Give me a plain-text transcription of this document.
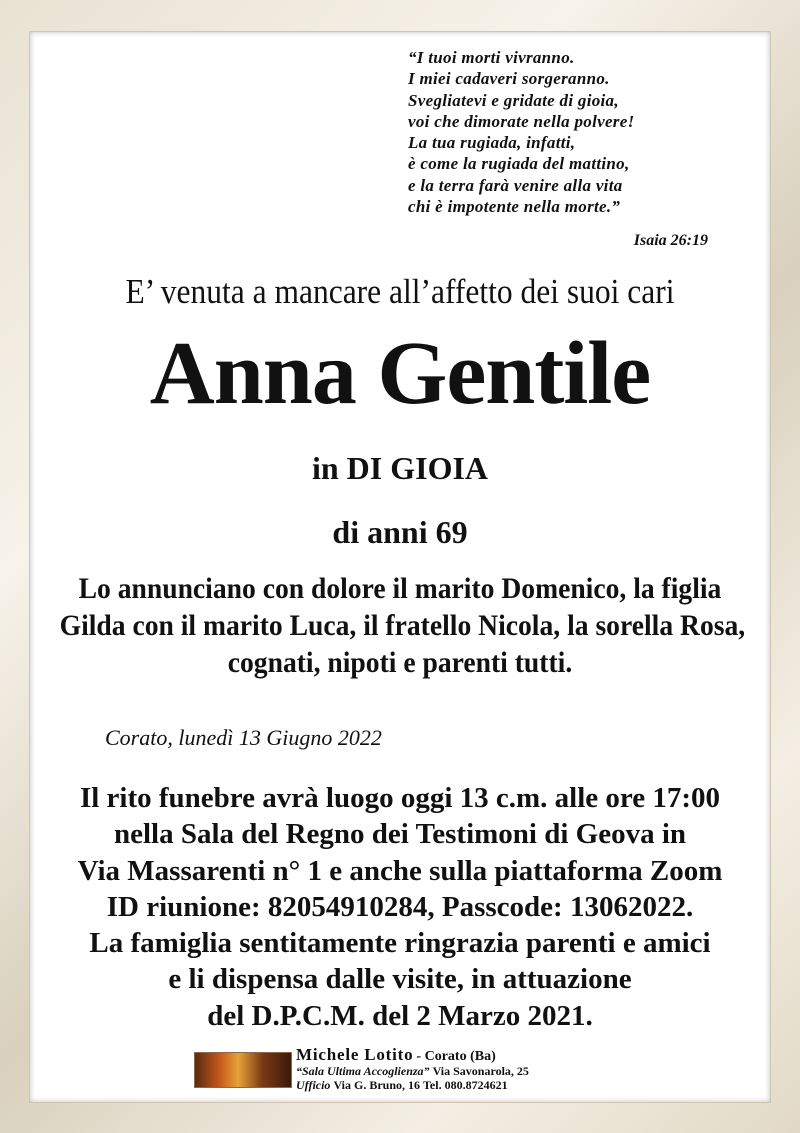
“I tuoi morti vivranno.
I miei cadaveri sorgeranno.
Svegliatevi e gridate di gioia,
voi che dimorate nella polvere!
La tua rugiada, infatti,
è come la rugiada del mattino,
e la terra farà venire alla vita
chi è impotente nella morte.”
Isaia 26:19
E’ venuta a mancare all’affetto dei suoi cari
Anna Gentile
in DI GIOIA
di anni 69
Lo annunciano con dolore il marito Domenico, la figlia
Gilda con il marito Luca, il fratello Nicola, la sorella Rosa,
cognati, nipoti e parenti tutti.
Corato, lunedì 13 Giugno 2022
Il rito funebre avrà luogo oggi 13 c.m. alle ore 17:00
nella Sala del Regno dei Testimoni di Geova in
Via Massarenti n° 1 e anche sulla piattaforma Zoom
ID riunione: 82054910284, Passcode: 13062022.
La famiglia sentitamente ringrazia parenti e amici
e li dispensa dalle visite, in attuazione
del D.P.C.M. del 2 Marzo 2021.
Michele Lotito - Corato (Ba)
“Sala Ultima Accoglienza” Via Savonarola, 25
Ufficio Via G. Bruno, 16 Tel. 080.8724621
